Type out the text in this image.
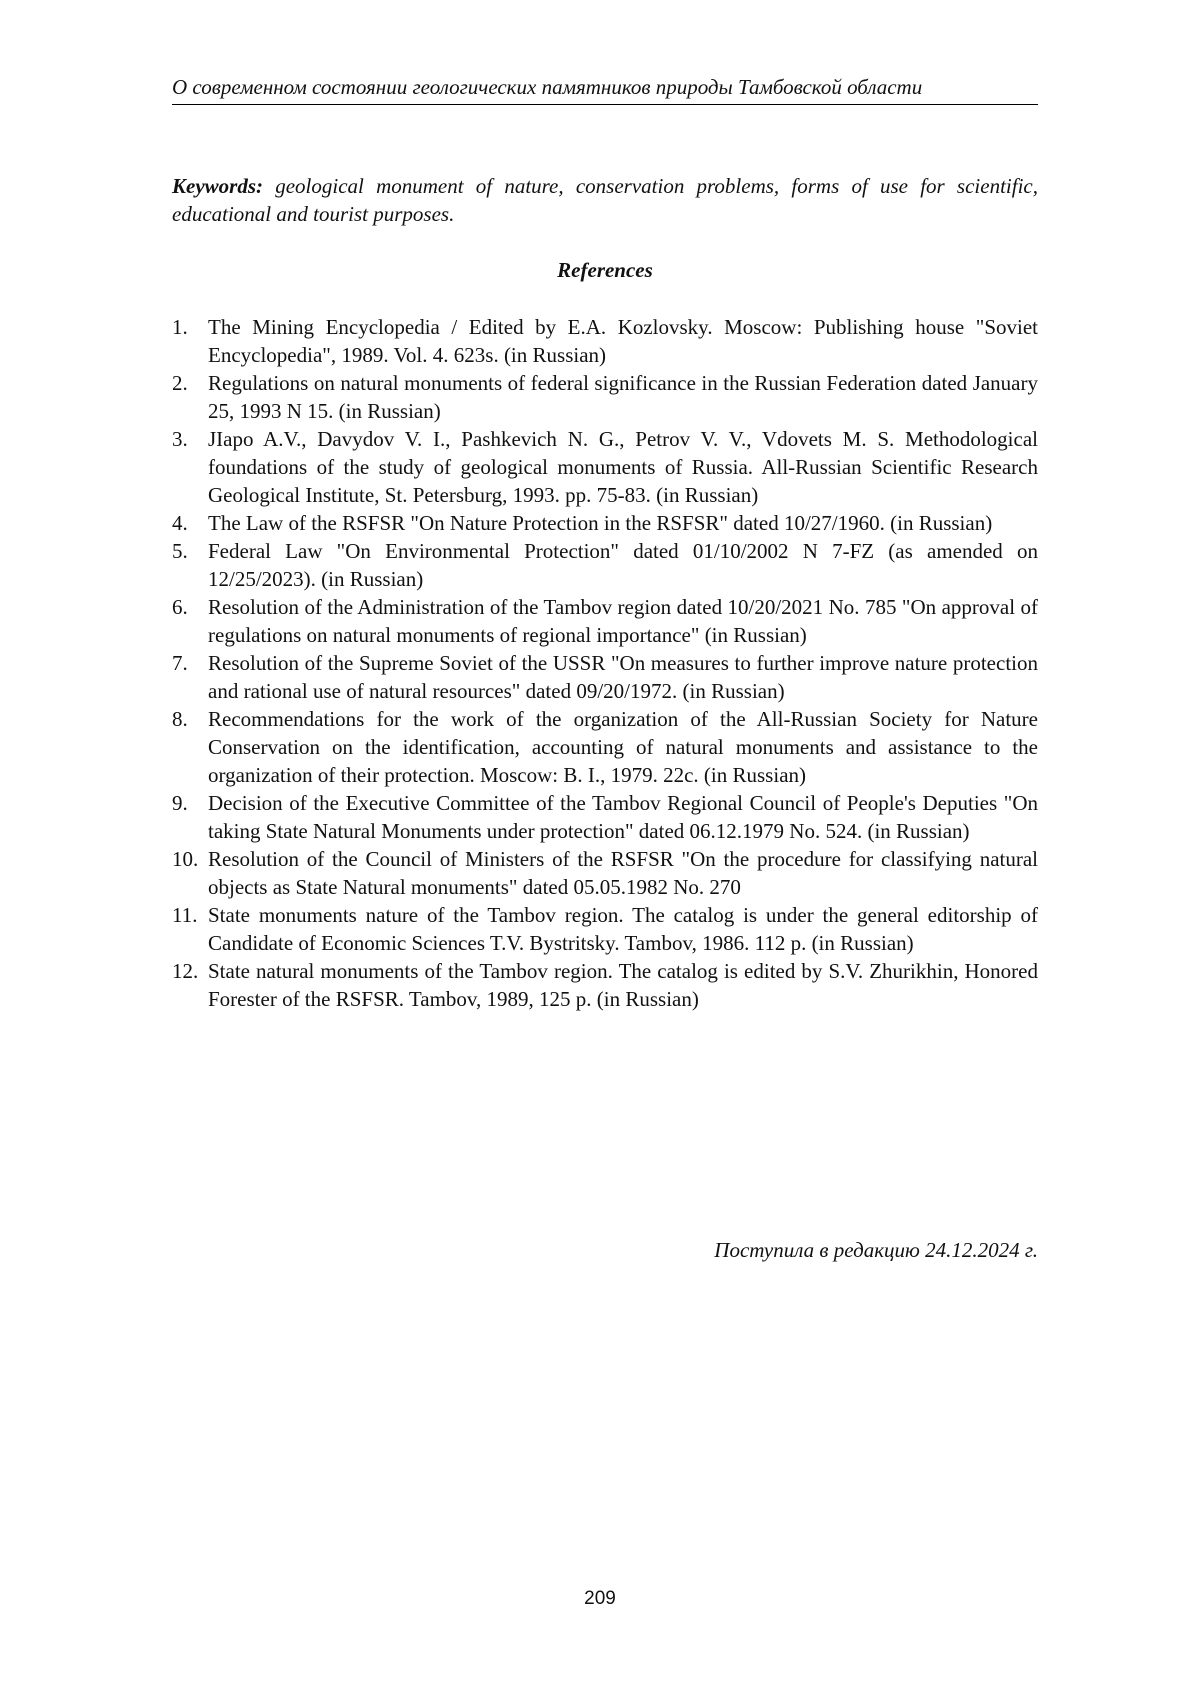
О современном состоянии геологических памятников природы Тамбовской области
Keywords: geological monument of nature, conservation problems, forms of use for scientific, educational and tourist purposes.
References
1. The Mining Encyclopedia / Edited by E.A. Kozlovsky. Moscow: Publishing house "Soviet Encyclopedia", 1989. Vol. 4. 623s. (in Russian)
2. Regulations on natural monuments of federal significance in the Russian Federation dated January 25, 1993 N 15. (in Russian)
3. JIapo A.V., Davydov V. I., Pashkevich N. G., Petrov V. V., Vdovets M. S. Methodological foundations of the study of geological monuments of Russia. All-Russian Scientific Research Geological Institute, St. Petersburg, 1993. pp. 75-83. (in Russian)
4. The Law of the RSFSR "On Nature Protection in the RSFSR" dated 10/27/1960. (in Russian)
5. Federal Law "On Environmental Protection" dated 01/10/2002 N 7-FZ (as amended on 12/25/2023). (in Russian)
6. Resolution of the Administration of the Tambov region dated 10/20/2021 No. 785 "On approval of regulations on natural monuments of regional importance" (in Russian)
7. Resolution of the Supreme Soviet of the USSR "On measures to further improve nature protection and rational use of natural resources" dated 09/20/1972. (in Russian)
8. Recommendations for the work of the organization of the All-Russian Society for Nature Conservation on the identification, accounting of natural monuments and assistance to the organization of their protection. Moscow: B. I., 1979. 22c. (in Russian)
9. Decision of the Executive Committee of the Tambov Regional Council of People's Deputies "On taking State Natural Monuments under protection" dated 06.12.1979 No. 524. (in Russian)
10. Resolution of the Council of Ministers of the RSFSR "On the procedure for classifying natural objects as State Natural monuments" dated 05.05.1982 No. 270
11. State monuments nature of the Tambov region. The catalog is under the general editorship of Candidate of Economic Sciences T.V. Bystritsky. Tambov, 1986. 112 p. (in Russian)
12. State natural monuments of the Tambov region. The catalog is edited by S.V. Zhurikhin, Honored Forester of the RSFSR. Tambov, 1989, 125 p. (in Russian)
Поступила в редакцию 24.12.2024 г.
209
